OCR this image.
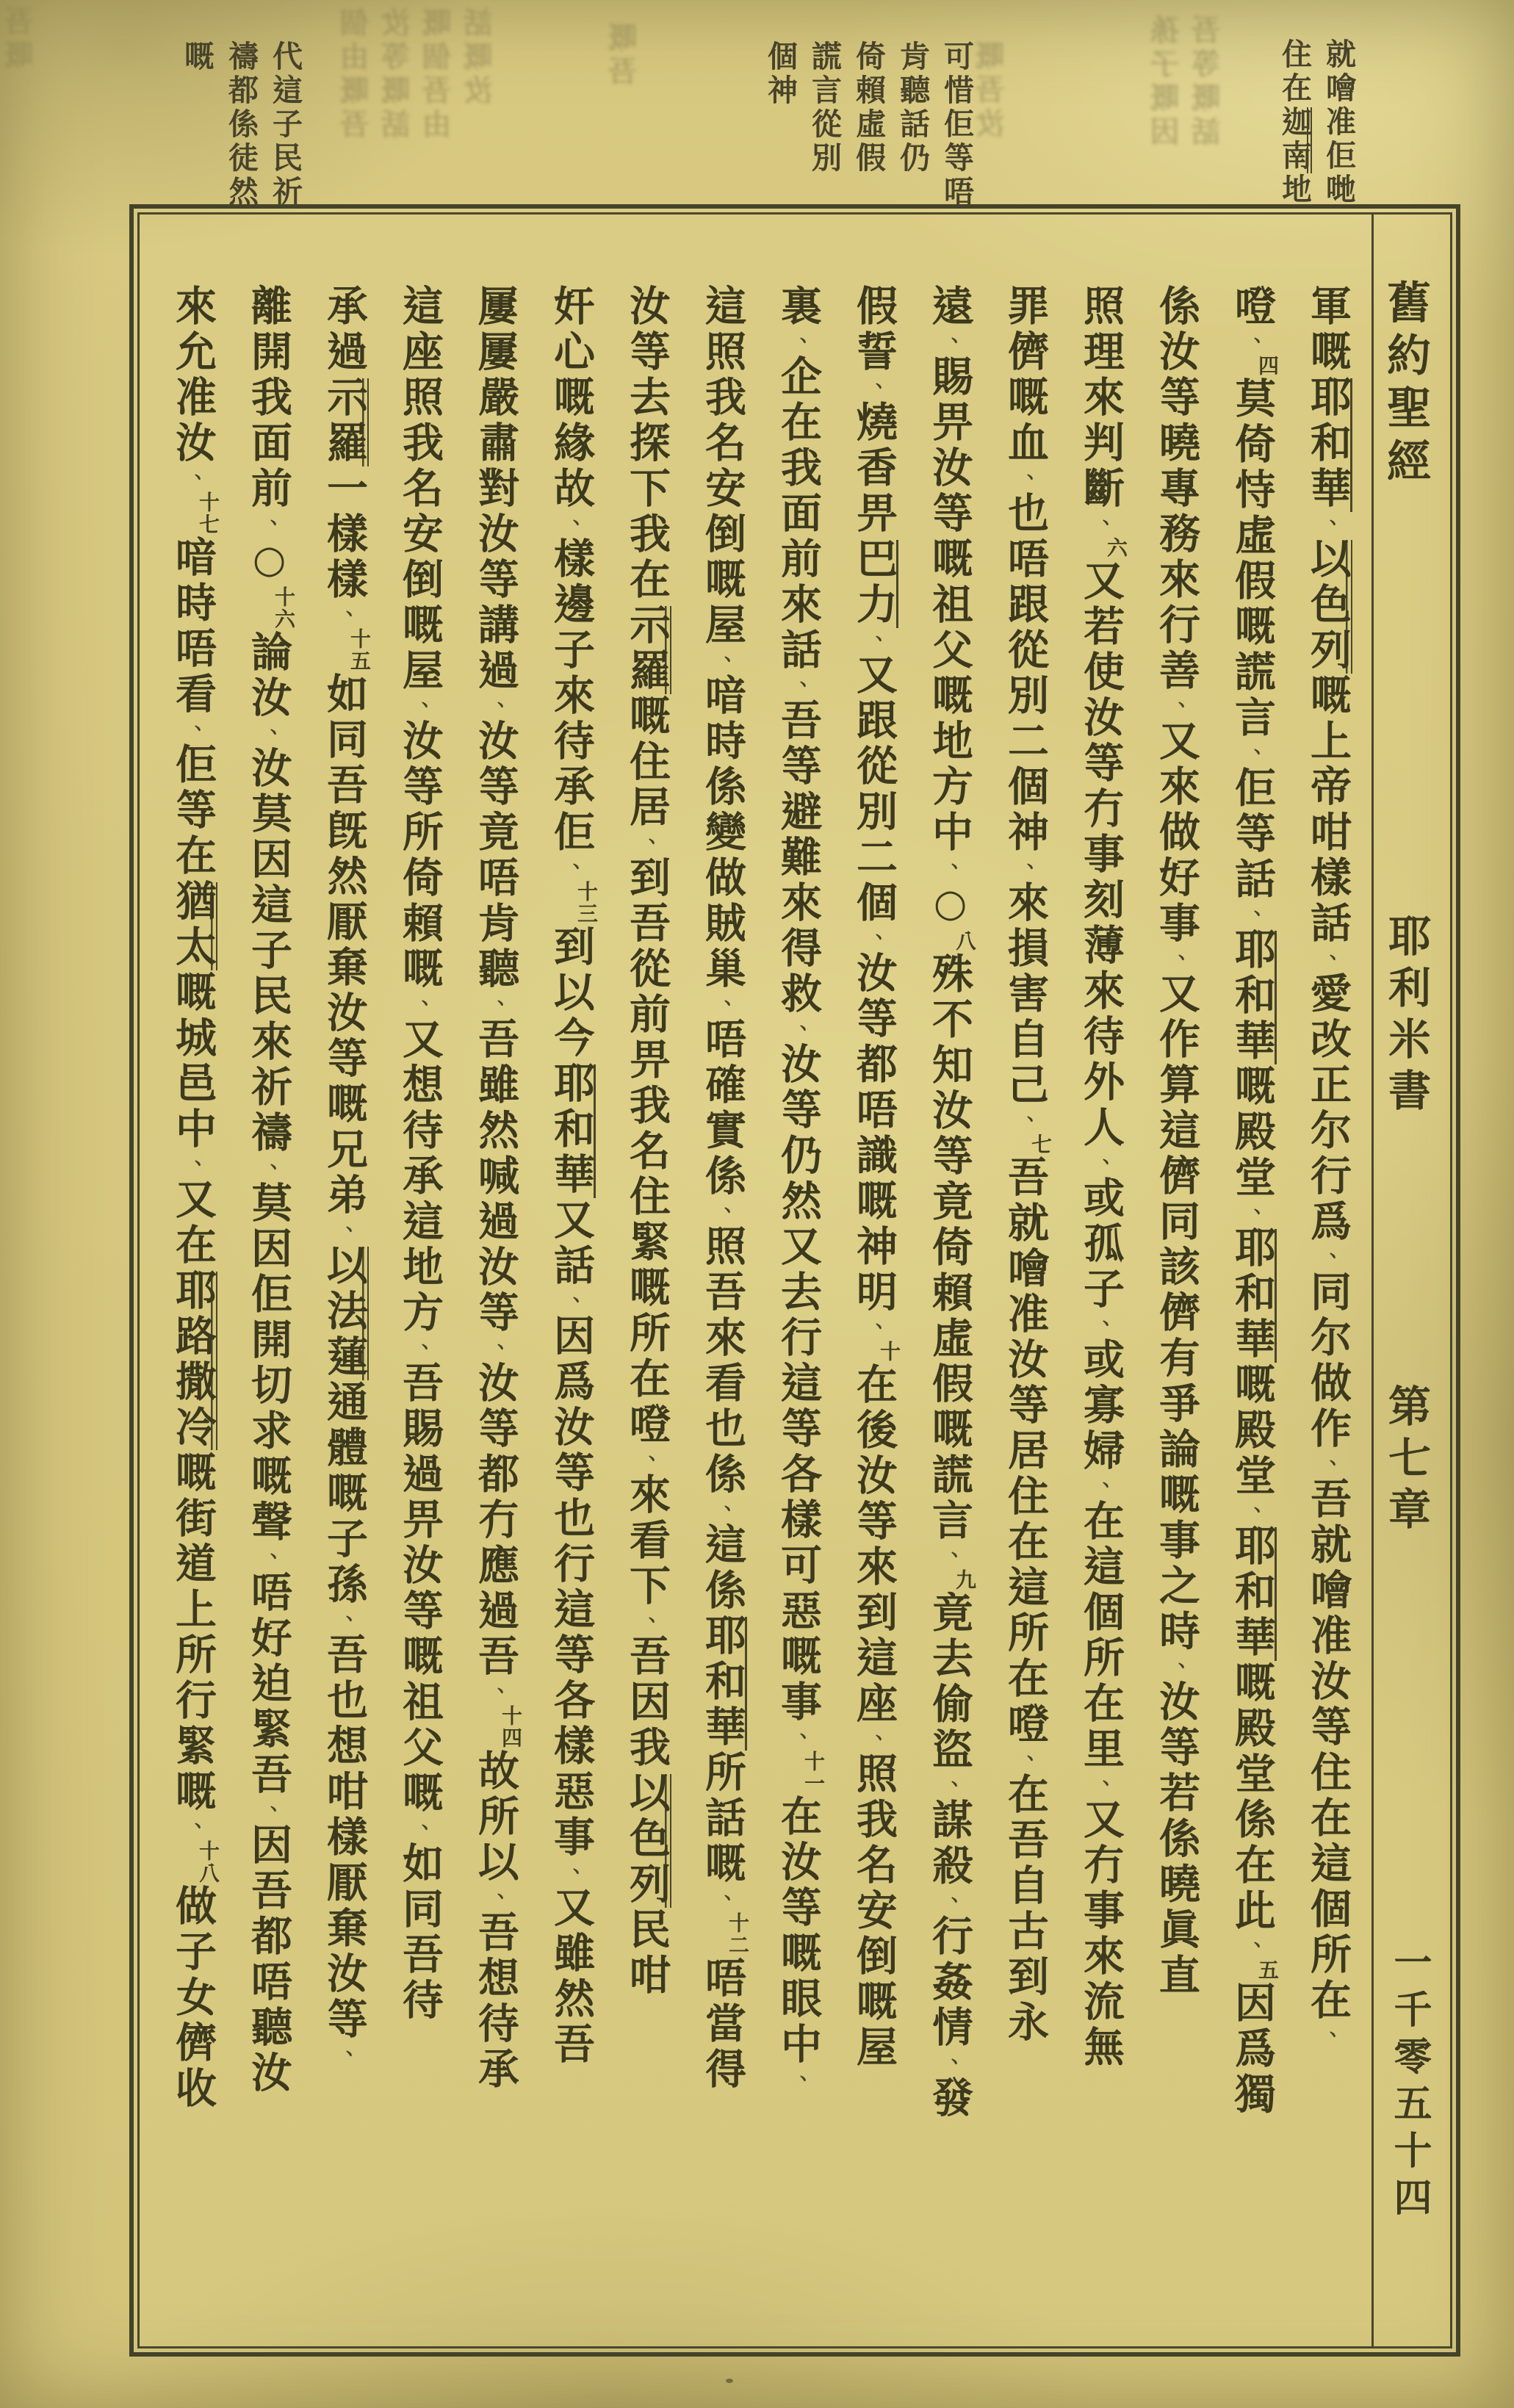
就噲准佢哋
住在迦南地
可惜佢等唔
肯聽話仍
倚賴虛假
謊言從別
個神
代這子民祈
禱都係徒然
嘅	孫子嘅因 吾等嘅話
嘅吾汝
個由嘅吾 汝等嘅話 嘅個吾由 話嘅汝	嘅吾
吾嘅
舊約聖經
耶利米書
第七章
一千零五十四
軍嘅耶和華、以色列嘅上帝咁樣話、愛改正尔行爲、同尔做作、吾就噲准汝等住在這個所在、
噔、四莫倚恃虛假嘅謊言、佢等話、耶和華嘅殿堂、耶和華嘅殿堂、耶和華嘅殿堂係在此、五因爲獨
係汝等曉專務來行善、又來做好事、又作算這儕同該儕有爭論嘅事之時、汝等若係曉眞直
照理來判斷、六又若使汝等冇事刻薄來待外人、或孤子、或寡婦、在這個所在里、又冇事來流無
罪儕嘅血、也唔跟從別二個神、來損害自己、七吾就噲准汝等居住在這所在噔、在吾自古到永
遠、賜畀汝等嘅祖父嘅地方中、○八殊不知汝等竟倚賴虛假嘅謊言、九竟去偷盜、謀殺、行姦情、發
假誓、燒香畀巴力、又跟從別二個、汝等都唔識嘅神明、十在後汝等來到這座、照我名安倒嘅屋
裏、企在我面前來話、吾等避難來得救、汝等仍然又去行這等各樣可惡嘅事、十一在汝等嘅眼中、
這照我名安倒嘅屋、喑時係變做賊巢、唔確實係、照吾來看也係、這係耶和華所話嘅、十二唔當得
汝等去探下我在示羅嘅住居、到吾從前畀我名住緊嘅所在噔、來看下、吾因我以色列民咁
奸心嘅緣故、樣邊子來待承佢、十三到以今耶和華又話、因爲汝等也行這等各樣惡事、又雖然吾
屢屢嚴肅對汝等講過、汝等竟唔肯聽、吾雖然喊過汝等、汝等都冇應過吾、十四故所以、吾想待承
這座照我名安倒嘅屋、汝等所倚賴嘅、又想待承這地方、吾賜過畀汝等嘅祖父嘅、如同吾待
承過示羅一樣樣、十五如同吾旣然厭棄汝等嘅兄弟、以法蓮通體嘅子孫、吾也想咁樣厭棄汝等、
離開我面前、○十六論汝、汝莫因這子民來祈禱、莫因佢開切求嘅聲、唔好迫緊吾、因吾都唔聽汝
來允准汝、十七喑時唔看、佢等在猶太嘅城邑中、又在耶路撒冷嘅街道上所行緊嘅、十八做子女儕收
